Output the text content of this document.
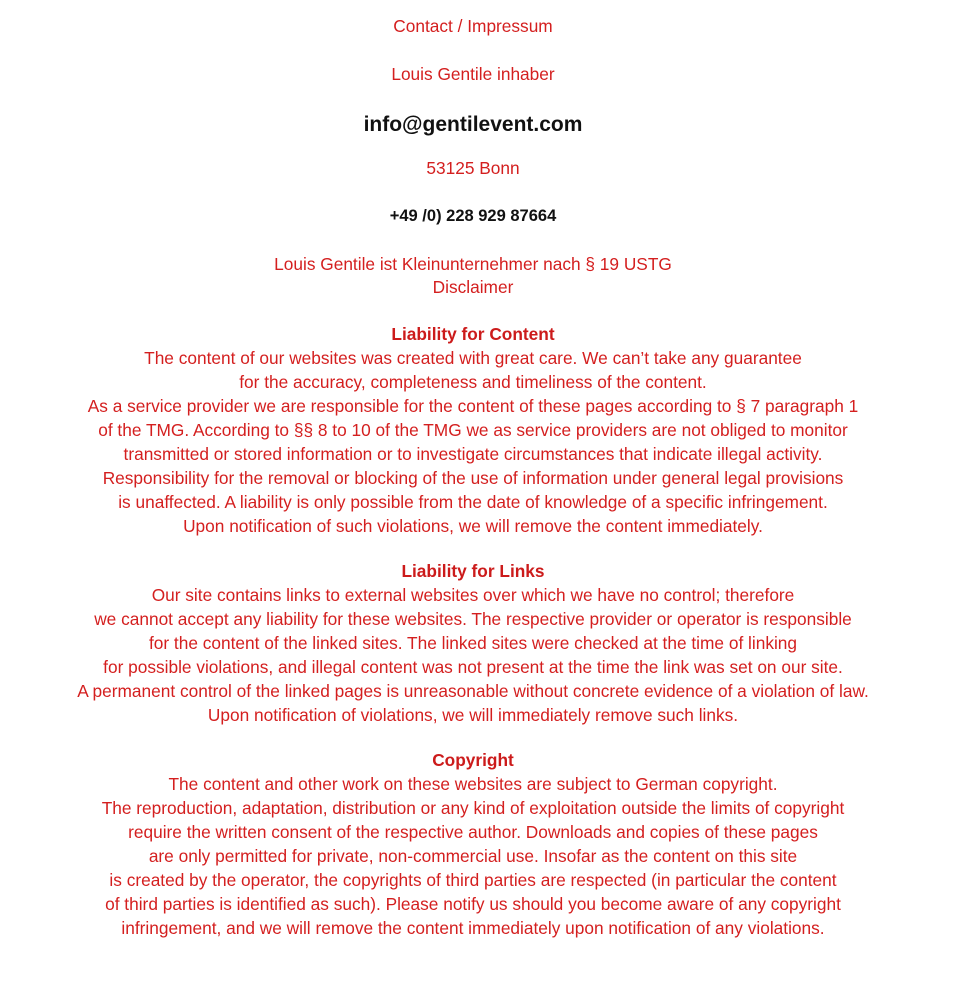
Contact / Impressum
Louis Gentile inhaber
info@gentilevent.com
53125 Bonn
+49 /0) 228 929 87664
Louis Gentile ist Kleinunternehmer nach § 19 USTG
Disclaimer
Liability for Content
The content of our websites was created with great care. We can’t take any guarantee
for the accuracy, completeness and timeliness of the content.
As a service provider we are responsible for the content of these pages according to § 7 paragraph 1
of the TMG. According to §§ 8 to 10 of the TMG we as service providers are not obliged to monitor
transmitted or stored information or to investigate circumstances that indicate illegal activity.
Responsibility for the removal or blocking of the use of information under general legal provisions
is unaffected. A liability is only possible from the date of knowledge of a specific infringement.
Upon notification of such violations, we will remove the content immediately.
Liability for Links
Our site contains links to external websites over which we have no control; therefore
we cannot accept any liability for these websites. The respective provider or operator is responsible
for the content of the linked sites. The linked sites were checked at the time of linking
for possible violations, and illegal content was not present at the time the link was set on our site.
A permanent control of the linked pages is unreasonable without concrete evidence of a violation of law.
Upon notification of violations, we will immediately remove such links.
Copyright
The content and other work on these websites are subject to German copyright.
The reproduction, adaptation, distribution or any kind of exploitation outside the limits of copyright
require the written consent of the respective author. Downloads and copies of these pages
are only permitted for private, non-commercial use. Insofar as the content on this site
is created by the operator, the copyrights of third parties are respected (in particular the content
of third parties is identified as such). Please notify us should you become aware of any copyright
infringement, and we will remove the content immediately upon notification of any violations.
